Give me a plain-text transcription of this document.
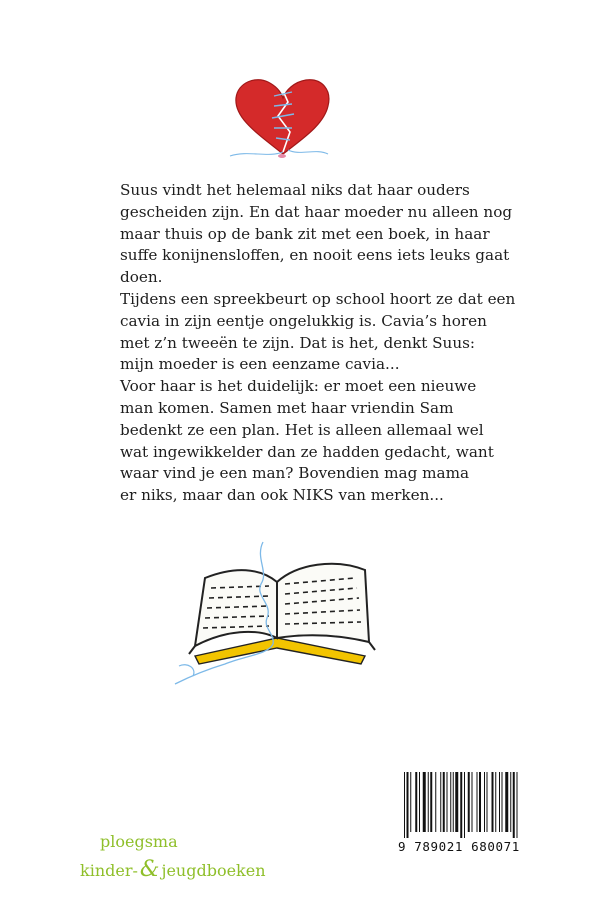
Suus vindt het helemaal niks dat haar ouders
gescheiden zijn. En dat haar moeder nu alleen nog
maar thuis op de bank zit met een boek, in haar
suffe konijnensloffen, en nooit eens iets leuks gaat
doen.
Tijdens een spreekbeurt op school hoort ze dat een
cavia in zijn eentje ongelukkig is. Cavia’s horen
met z’n tweeën te zijn. Dat is het, denkt Suus:
mijn moeder is een eenzame cavia...
Voor haar is het duidelijk: er moet een nieuwe
man komen. Samen met haar vriendin Sam
bedenkt ze een plan. Het is alleen allemaal wel
wat ingewikkelder dan ze hadden gedacht, want
waar vind je een man? Bovendien mag mama
er niks, maar dan ook NIKS van merken...
ploegsma
kinder-& jeugdboeken
9 789021 680071
